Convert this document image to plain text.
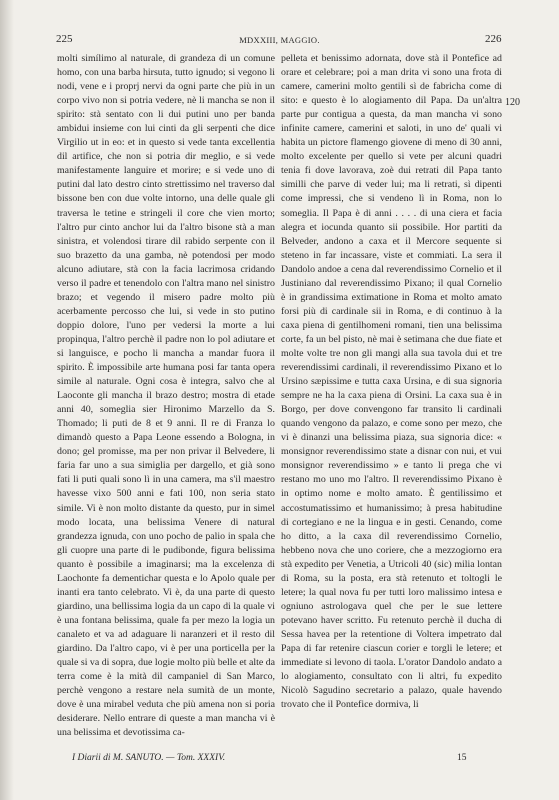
225	MDXXIII, MAGGIO.	226

molti simílimo al naturale, di grandeza di un comune homo, con una barba hirsuta, tutto ignudo; si vegono li nodi, vene e i proprj nervi da ogni parte che più in un corpo vivo non si potria vedere, nè li mancha se non il spirito: stà sentato con li dui putini uno per banda ambidui insieme con lui cinti da gli serpenti che dice Virgilio ut in eo: et in questo si vede tanta excellentia dil artifice, che non si potria dir meglio, e si vede manifestamente languire et morire; e si vede uno di putini dal lato destro cinto strettissimo nel traverso dal bissone ben con due volte intorno, una delle quale gli traversa le tetine e stringeli il core che vien morto; l'altro pur cinto anchor lui da l'altro bisone stà a man sinistra, et volendosi tirare dil rabido serpente con il suo brazetto da una gamba, nè potendosi per modo alcuno adiutare, stà con la facia lacrimosa cridando verso il padre et tenendolo con l'altra mano nel sinistro brazo; et vegendo il misero padre molto più acerbamente percosso che lui, si vede in sto putino doppio dolore, l'uno per vedersi la morte a lui propinqua, l'altro perchè il padre non lo pol adiutare et si languisce, e pocho li mancha a mandar fuora il spirito. È impossibile arte humana posi far tanta opera simile al naturale. Ogni cosa è integra, salvo che al Laoconte gli mancha il brazo destro; mostra di etade anni 40, someglia sier Hironimo Marzello da S. Thomado; li puti de 8 et 9 anni. Il re di Franza lo dimandò questo a Papa Leone essendo a Bologna, in dono; gel promisse, ma per non privar il Belvedere, li faria far uno a sua simiglia per dargello, et già sono fati li puti quali sono lì in una camera, ma s'il maestro havesse vixo 500 anni e fati 100, non seria stato simile. Vi è non molto distante da questo, pur in simel modo locata, una belissima Venere di natural grandezza ignuda, con uno pocho de palio in spala che gli cuopre una parte di le pudibonde, figura belissima quanto è possibile a imaginarsi; ma la excelenza di Laochonte fa dementichar questa e lo Apolo quale per inanti era tanto celebrato. Vi è, da una parte di questo giardino, una bellissima logia da un capo di la quale vi è una fontana belissima, quale fa per mezo la logia un canaleto et va ad adaguare li naranzeri et il resto dil giardino. Da l'altro capo, vi è per una porticella per la quale si va di sopra, due logie molto più belle et alte da terra come è la mità dil campaniel di San Marco, perchè vengono a restare nela sumità de un monte, dove è una mirabel veduta che più amena non si poria desiderare. Nello entrare di queste a man mancha vi è una belissima et devotissima ca-

pelleta et benissimo adornata, dove stà il Pontefice ad orare et celebrare; poi a man drita vi sono una frota di camere, camerini molto gentili sì de fabricha come di sito: e questo è lo alogiamento dil Papa. Da un'altra parte pur contigua a questa, da man mancha vi sono infinite camere, camerini et saloti, in uno de' quali vi habita un pictore flamengo giovene di meno di 30 anni, molto excelente per quello si vete per alcuni quadri tenia fi dove lavorava, zoè dui retrati dil Papa tanto similli che parve di veder lui; ma li retrati, sì dipenti come impressi, che si vendeno lì in Roma, non lo someglia. Il Papa è di anni . . . . di una ciera et facia alegra et iocunda quanto sii possibile. Hor partiti da Belveder, andono a caxa et il Mercore sequente si steteno in far incassare, viste et commiati. La sera il Dandolo andoe a cena dal reverendissimo Cornelio et il Justiniano dal reverendissimo Pixano; il qual Cornelio è in grandissima extimatione in Roma et molto amato forsi più di cardinale sii in Roma, e di continuo à la caxa piena di gentilhomeni romani, tien una belissima corte, fa un bel pisto, nè mai è setimana che due fiate et molte volte tre non gli mangi alla sua tavola dui et tre reverendissimi cardinali, il reverendissimo Pixano et lo Ursino sæpissime e tutta caxa Ursina, e di sua signoria sempre ne ha la caxa piena di Orsini. La caxa sua è in Borgo, per dove convengono far transito li cardinali quando vengono da palazo, e come sono per mezo, che vi è dinanzi una belissima piaza, sua signoria dice: « monsignor reverendissimo state a disnar con nui, et vui monsignor reverendissimo » e tanto li prega che vi restano mo uno mo l'altro. Il reverendissimo Pixano è in optimo nome e molto amato. È gentilissimo et accostumatissimo et humanissimo; à presa habitudine di cortegiano e ne la lingua e in gesti. Cenando, come ho ditto, a la caxa dil reverendissimo Cornelio, hebbeno nova che uno coriere, che a mezzogiorno era stà expedito per Venetia, a Utricoli 40 (sic) milia lontan di Roma, su la posta, era stà retenuto et toltogli le letere; la qual nova fu per tutti loro malissimo intesa e ogniuno astrologava quel che per le sue lettere potevano haver scritto. Fu retenuto perchè il ducha di Sessa havea per la retentione di Voltera impetrato dal Papa di far retenire ciascun corier e torgli le letere; et immediate si levono di taola. L'orator Dandolo andato a lo alogiamento, consultato con li altri, fu expedito Nicolò Sagudino secretario a palazo, quale havendo trovato che il Pontefice dormiva, li

120
I Diarii di M. SANUTO. — Tom. XXXIV.	15
